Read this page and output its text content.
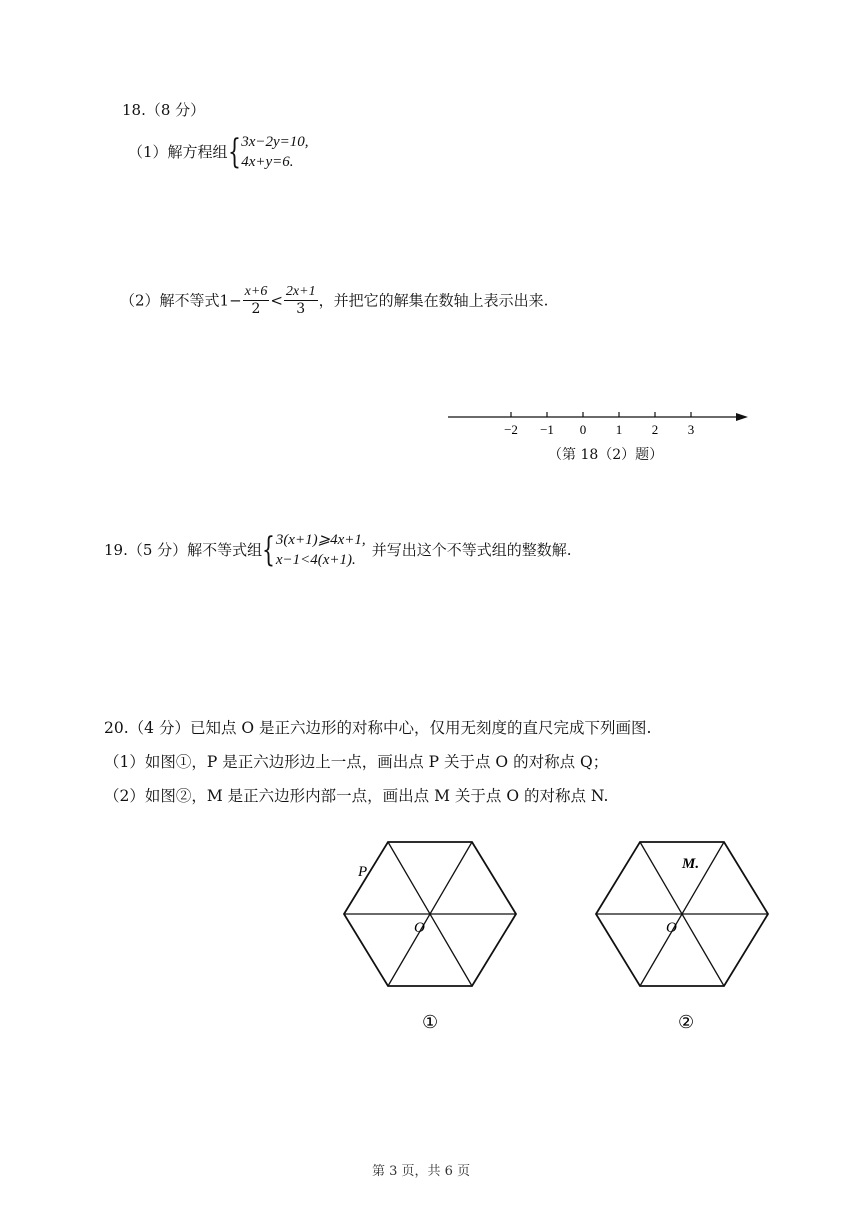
18.（8 分）
（1）解方程组{ 3x−2y=10,
4x+y=6.
（2）解不等式$1- \frac{x+6}{2} < \frac{2x+1}{3}$ ，并把它的解集在数轴上表示出来.
−2 −1 0 1 2 3
（第 18（2）题）
19.（5 分）解不等式组{ 3(x+1)⩾4x+1,
x−1<4(x+1).
并写出这个不等式组的整数解.
20.（4 分）已知点 O 是正六边形的对称中心，仅用无刻度的直尺完成下列画图.
（1）如图①，P 是正六边形边上一点，画出点 P 关于点 O 的对称点 Q；
（2）如图②，M 是正六边形内部一点，画出点 M 关于点 O 的对称点 N.
P
O
①
M.
O
②
第 3 页，共 6 页
